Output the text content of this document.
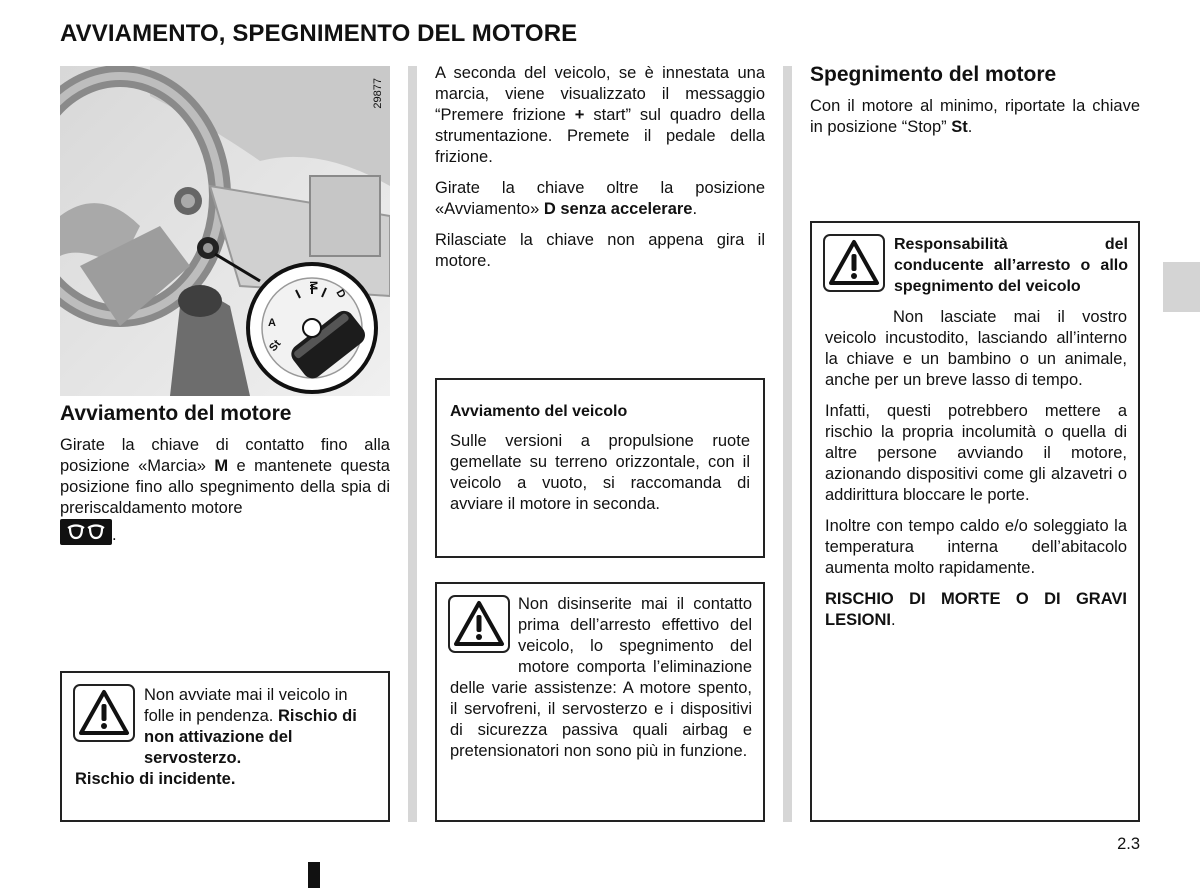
AVVIAMENTO, SPEGNIMENTO DEL MOTORE
M
D
A
St
29877
Avviamento del motore
Girate la chiave di contatto fino alla posizione «Marcia» M e mantenete questa posizione fino allo spegnimento della spia di preriscaldamento motore

.
Non avviate mai il veicolo in folle in pendenza. Rischio di non attivazione del servosterzo.
Rischio di incidente.

A seconda del veicolo, se è innestata una marcia, viene visualizzato il messaggio “Premere frizione + start” sul quadro della strumentazione. Premete il pedale della frizione.

Girate la chiave oltre la posizione «Avviamento» D senza accelerare.

Rilasciate la chiave non appena gira il motore.

Avviamento del veicolo
Sulle versioni a propulsione ruote gemellate su terreno orizzontale, con il veicolo a vuoto, si raccomanda di avviare il motore in seconda.
Non disinserite mai il contatto prima dell’arresto effettivo del veicolo, lo spegnimento del motore comporta l’eliminazione delle varie assistenze: A motore spento, il servofreni, il servosterzo e i dispositivi di sicurezza passiva quali airbag e pretensionatori non sono più in funzione.
Spegnimento del motore
Con il motore al minimo, riportate la chiave in posizione “Stop” St.
Responsabilità del conducente all’arresto o allo spegnimento del veicolo

Non lasciate mai il vostro veicolo incustodito, lasciando all’interno la chiave e un bambino o un animale, anche per un breve lasso di tempo.

Infatti, questi potrebbero mettere a rischio la propria incolumità o quella di altre persone avviando il motore, azionando dispositivi come gli alzavetri o addirittura bloccare le porte.

Inoltre con tempo caldo e/o soleggiato la temperatura interna dell’abitacolo aumenta molto rapidamente.

RISCHIO DI MORTE O DI GRAVI LESIONI.

2.3
